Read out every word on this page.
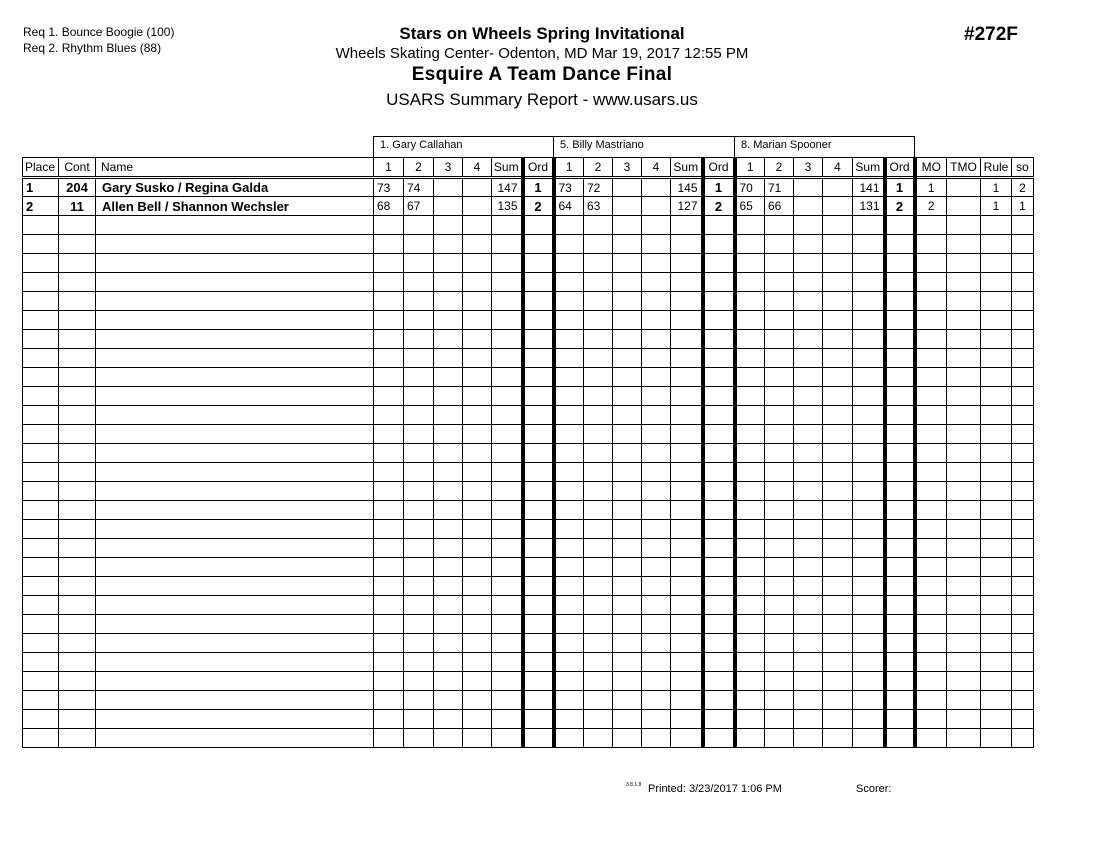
Req 1. Bounce Boogie (100)
Req 2. Rhythm Blues (88)
Stars on Wheels Spring Invitational
Wheels Skating Center- Odenton, MD Mar 19, 2017 12:55 PM
Esquire A Team Dance Final
USARS Summary Report - www.usars.us
#272F
1. Gary Callahan	5. Billy Mastriano	8. Marian Spooner
Place	Cont	Name	1	2	3	4	Sum	Ord	1	2	3	4	Sum	Ord	1	2	3	4	Sum	Ord	MO	TMO	Rule	so
1	204	Gary Susko / Regina Galda	73	74			147	1	73	72			145	1	70	71			141	1	1		1	2
2	11	Allen Bell / Shannon Wechsler	68	67			135	2	64	63			127	2	65	66			131	2	2		1	1

3.8.1.8 Printed: 3/23/2017 1:06 PM	Scorer:
